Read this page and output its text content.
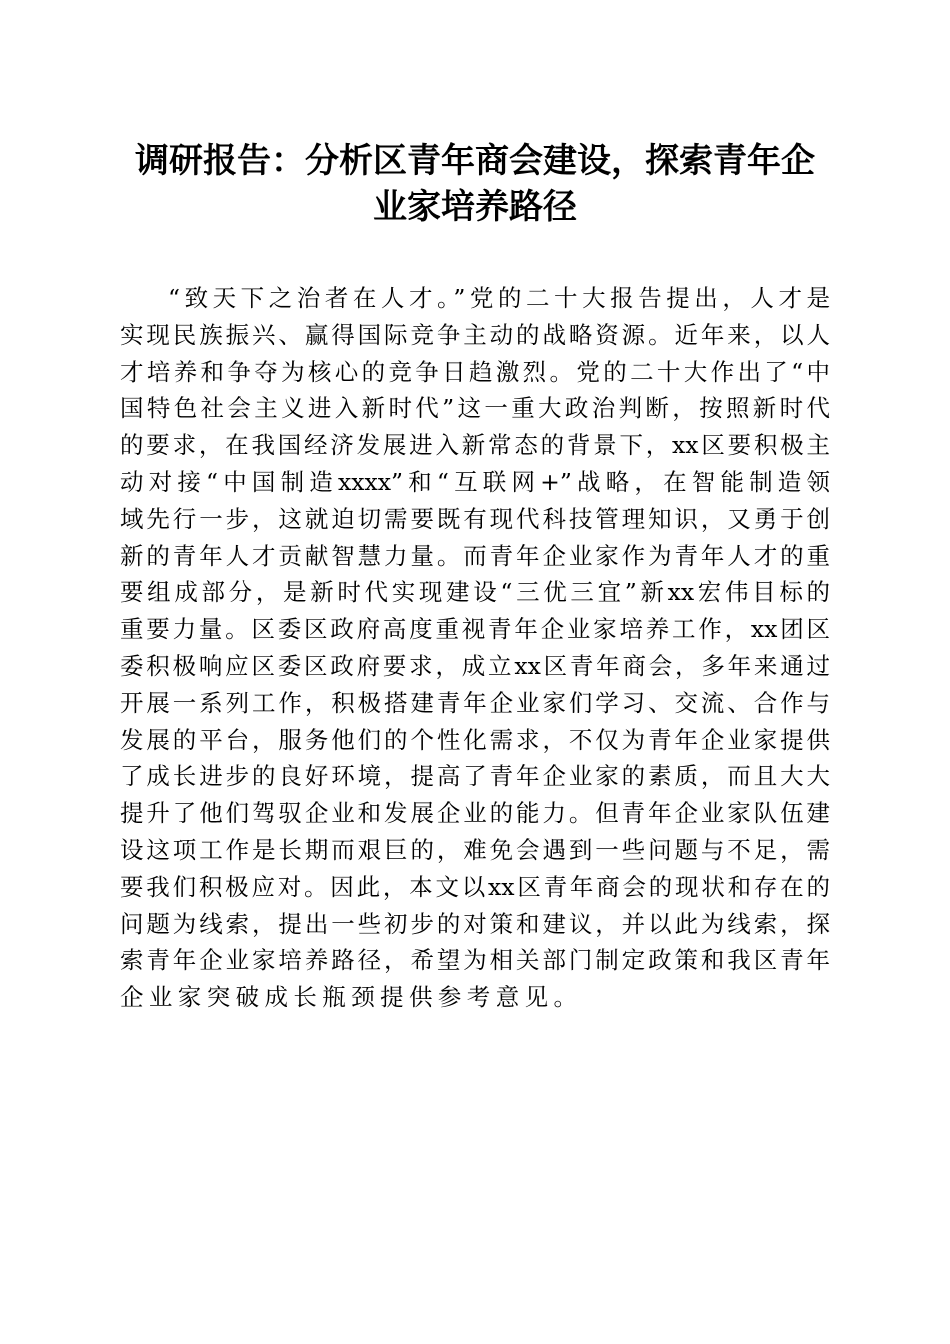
调研报告：分析区青年商会建设，探索青年企
业家培养路径
“致天下之治者在人才。”党的二十大报告提出，人才是
实现民族振兴、赢得国际竞争主动的战略资源。近年来，以人
才培养和争夺为核心的竞争日趋激烈。党的二十大作出了“中
国特色社会主义进入新时代”这一重大政治判断，按照新时代
的要求，在我国经济发展进入新常态的背景下，xx区要积极主
动对接“中国制造xxxx”和“互联网+”战略，在智能制造领
域先行一步，这就迫切需要既有现代科技管理知识，又勇于创
新的青年人才贡献智慧力量。而青年企业家作为青年人才的重
要组成部分，是新时代实现建设“三优三宜”新xx宏伟目标的
重要力量。区委区政府高度重视青年企业家培养工作，xx团区
委积极响应区委区政府要求，成立xx区青年商会，多年来通过
开展一系列工作，积极搭建青年企业家们学习、交流、合作与
发展的平台，服务他们的个性化需求，不仅为青年企业家提供
了成长进步的良好环境，提高了青年企业家的素质，而且大大
提升了他们驾驭企业和发展企业的能力。但青年企业家队伍建
设这项工作是长期而艰巨的，难免会遇到一些问题与不足，需
要我们积极应对。因此，本文以xx区青年商会的现状和存在的
问题为线索，提出一些初步的对策和建议，并以此为线索，探
索青年企业家培养路径，希望为相关部门制定政策和我区青年
企业家突破成长瓶颈提供参考意见。
